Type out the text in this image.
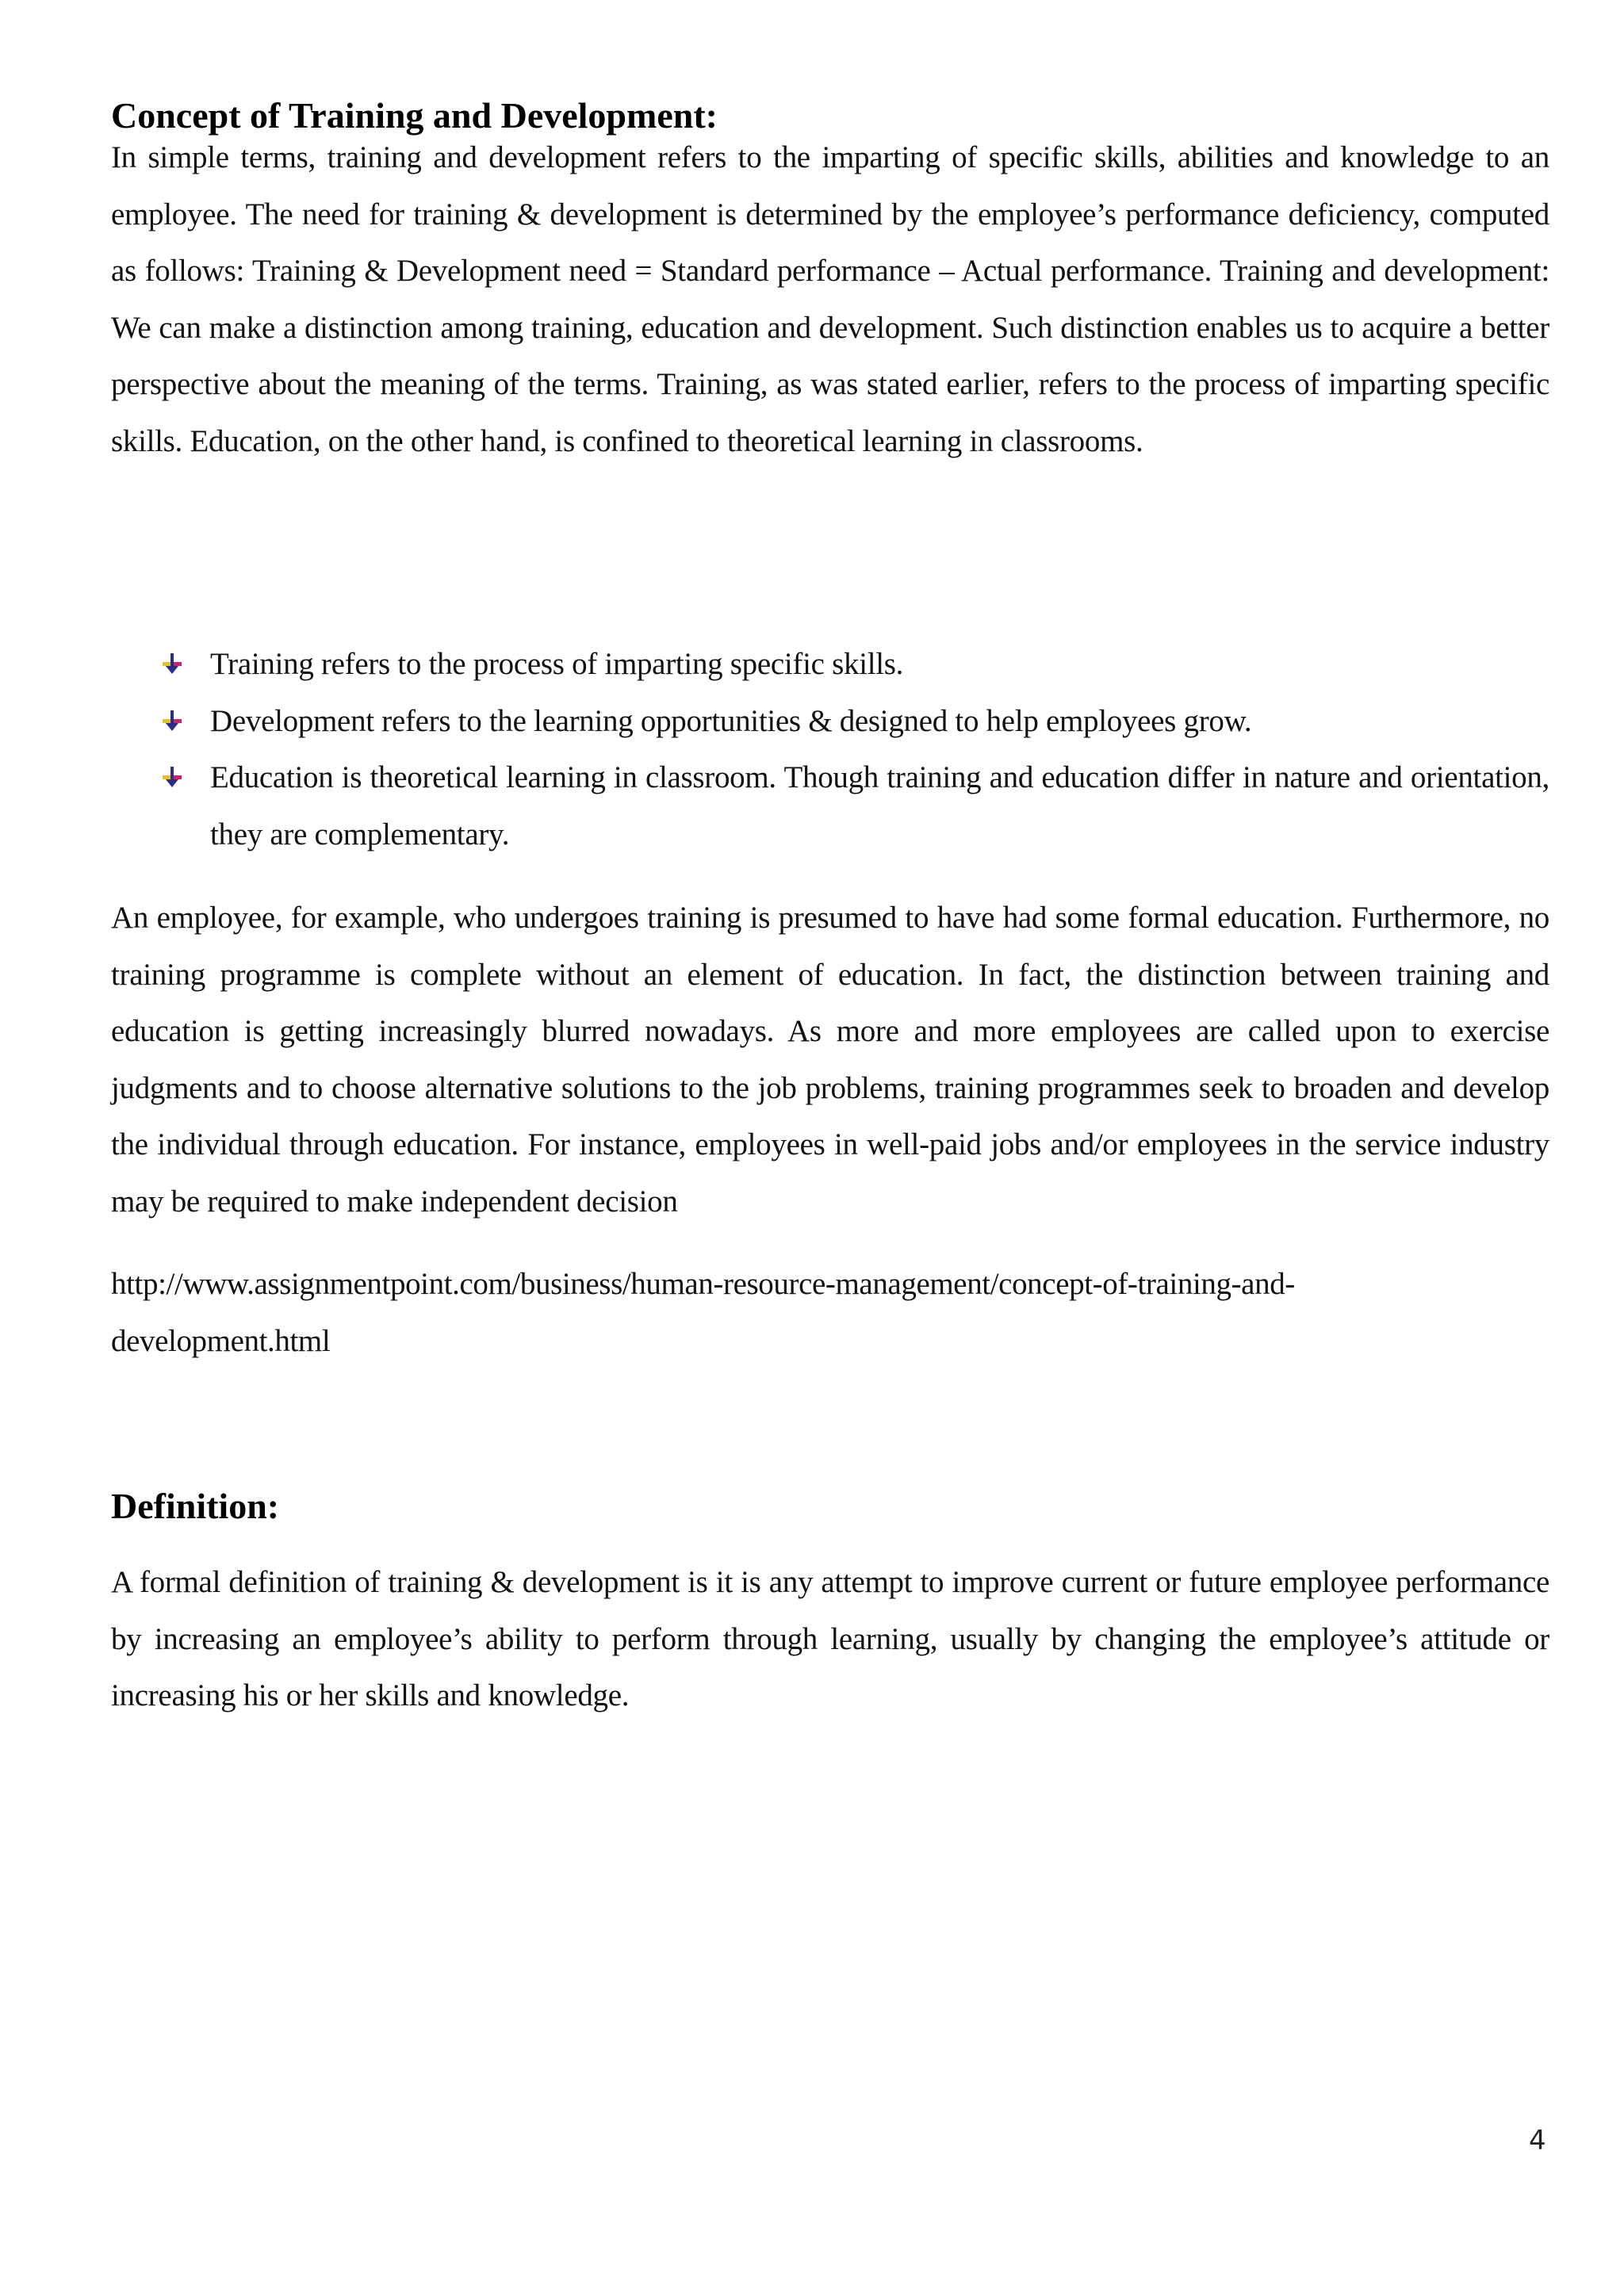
Concept of Training and Development:

In simple terms, training and development refers to the imparting of specific skills, abilities and knowledge to an employee. The need for training & development is determined by the employee’s performance deficiency, computed as follows: Training & Development need = Standard performance – Actual performance. Training and development: We can make a distinction among training, education and development. Such distinction enables us to acquire a better perspective about the meaning of the terms. Training, as was stated earlier, refers to the process of imparting specific skills. Education, on the other hand, is confined to theoretical learning in classrooms.

Training refers to the process of imparting specific skills.
Development refers to the learning opportunities & designed to help employees grow.
Education is theoretical learning in classroom. Though training and education differ in nature and orientation, they are complementary.

An employee, for example, who undergoes training is presumed to have had some formal education. Furthermore, no training programme is complete without an element of education. In fact, the distinction between training and education is getting increasingly blurred nowadays. As more and more employees are called upon to exercise judgments and to choose alternative solutions to the job problems, training programmes seek to broaden and develop the individual through education. For instance, employees in well-paid jobs and/or employees in the service industry may be required to make independent decision

http://www.assignmentpoint.com/business/human-resource-management/concept-of-training-and-
development.html
Definition:

A formal definition of training & development is it is any attempt to improve current or future employee performance by increasing an employee’s ability to perform through learning, usually by changing the employee’s attitude or increasing his or her skills and knowledge.

4
